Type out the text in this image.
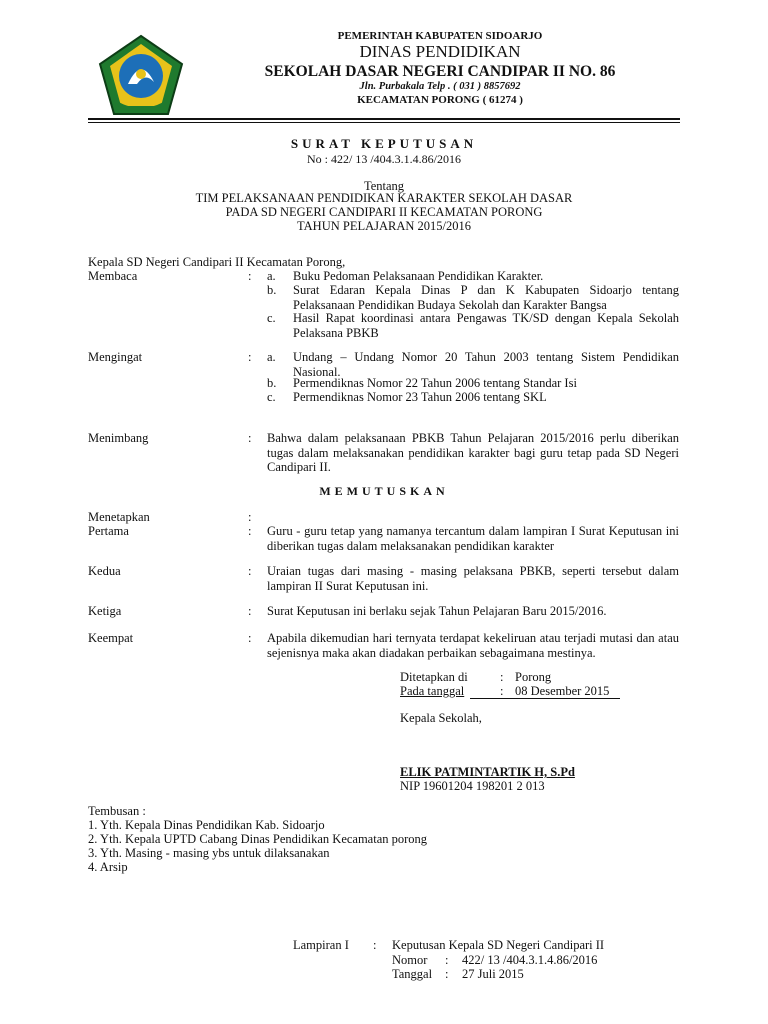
PEMERINTAH KABUPATEN SIDOARJO
DINAS PENDIDIKAN
SEKOLAH DASAR NEGERI CANDIPAR II NO. 86
Jln. Purbakala Telp . ( 031 ) 8857692
KECAMATAN PORONG ( 61274 )
SURAT KEPUTUSAN
No : 422/ 13 /404.3.1.4.86/2016
Tentang
TIM PELAKSANAAN PENDIDIKAN KARAKTER SEKOLAH DASAR
PADA SD NEGERI CANDIPARI II KECAMATAN PORONG
TAHUN PELAJARAN 2015/2016
Kepala SD Negeri Candipari II Kecamatan Porong,
Membaca	: a. Buku Pedoman Pelaksanaan Pendidikan Karakter.
b. Surat Edaran Kepala Dinas P dan K Kabupaten Sidoarjo tentang Pelaksanaan Pendidikan Budaya Sekolah dan Karakter Bangsa
c. Hasil Rapat koordinasi antara Pengawas TK/SD dengan Kepala Sekolah Pelaksana PBKB
Mengingat	: a. Undang – Undang Nomor 20 Tahun 2003 tentang Sistem Pendidikan Nasional.
b. Permendiknas Nomor 22 Tahun 2006 tentang Standar Isi
c. Permendiknas Nomor 23 Tahun 2006 tentang SKL
Menimbang	: Bahwa dalam pelaksanaan PBKB Tahun Pelajaran 2015/2016 perlu diberikan tugas dalam melaksanakan pendidikan karakter bagi guru tetap pada SD Negeri Candipari II.
MEMUTUSKAN
Menetapkan	:
Pertama	: Guru - guru tetap yang namanya tercantum dalam lampiran I Surat Keputusan ini diberikan tugas dalam melaksanakan pendidikan karakter
Kedua	: Uraian tugas dari masing - masing pelaksana PBKB, seperti tersebut dalam lampiran II Surat Keputusan ini.
Ketiga	: Surat Keputusan ini berlaku sejak Tahun Pelajaran Baru 2015/2016.
Keempat	: Apabila dikemudian hari ternyata terdapat kekeliruan atau terjadi mutasi dan atau sejenisnya maka akan diadakan perbaikan sebagaimana mestinya.
Ditetapkan di	: Porong
Pada tanggal	: 08 Desember 2015
Kepala Sekolah,
ELIK PATMINTARTIK H, S.Pd
NIP 19601204 198201 2 013
Tembusan :
1. Yth. Kepala Dinas Pendidikan Kab. Sidoarjo
2. Yth. Kepala UPTD Cabang Dinas Pendidikan Kecamatan porong
3. Yth. Masing - masing ybs untuk dilaksanakan
4. Arsip
Lampiran I : Keputusan Kepala SD Negeri Candipari II
Nomor : 422/ 13 /404.3.1.4.86/2016
Tanggal : 27 Juli 2015
